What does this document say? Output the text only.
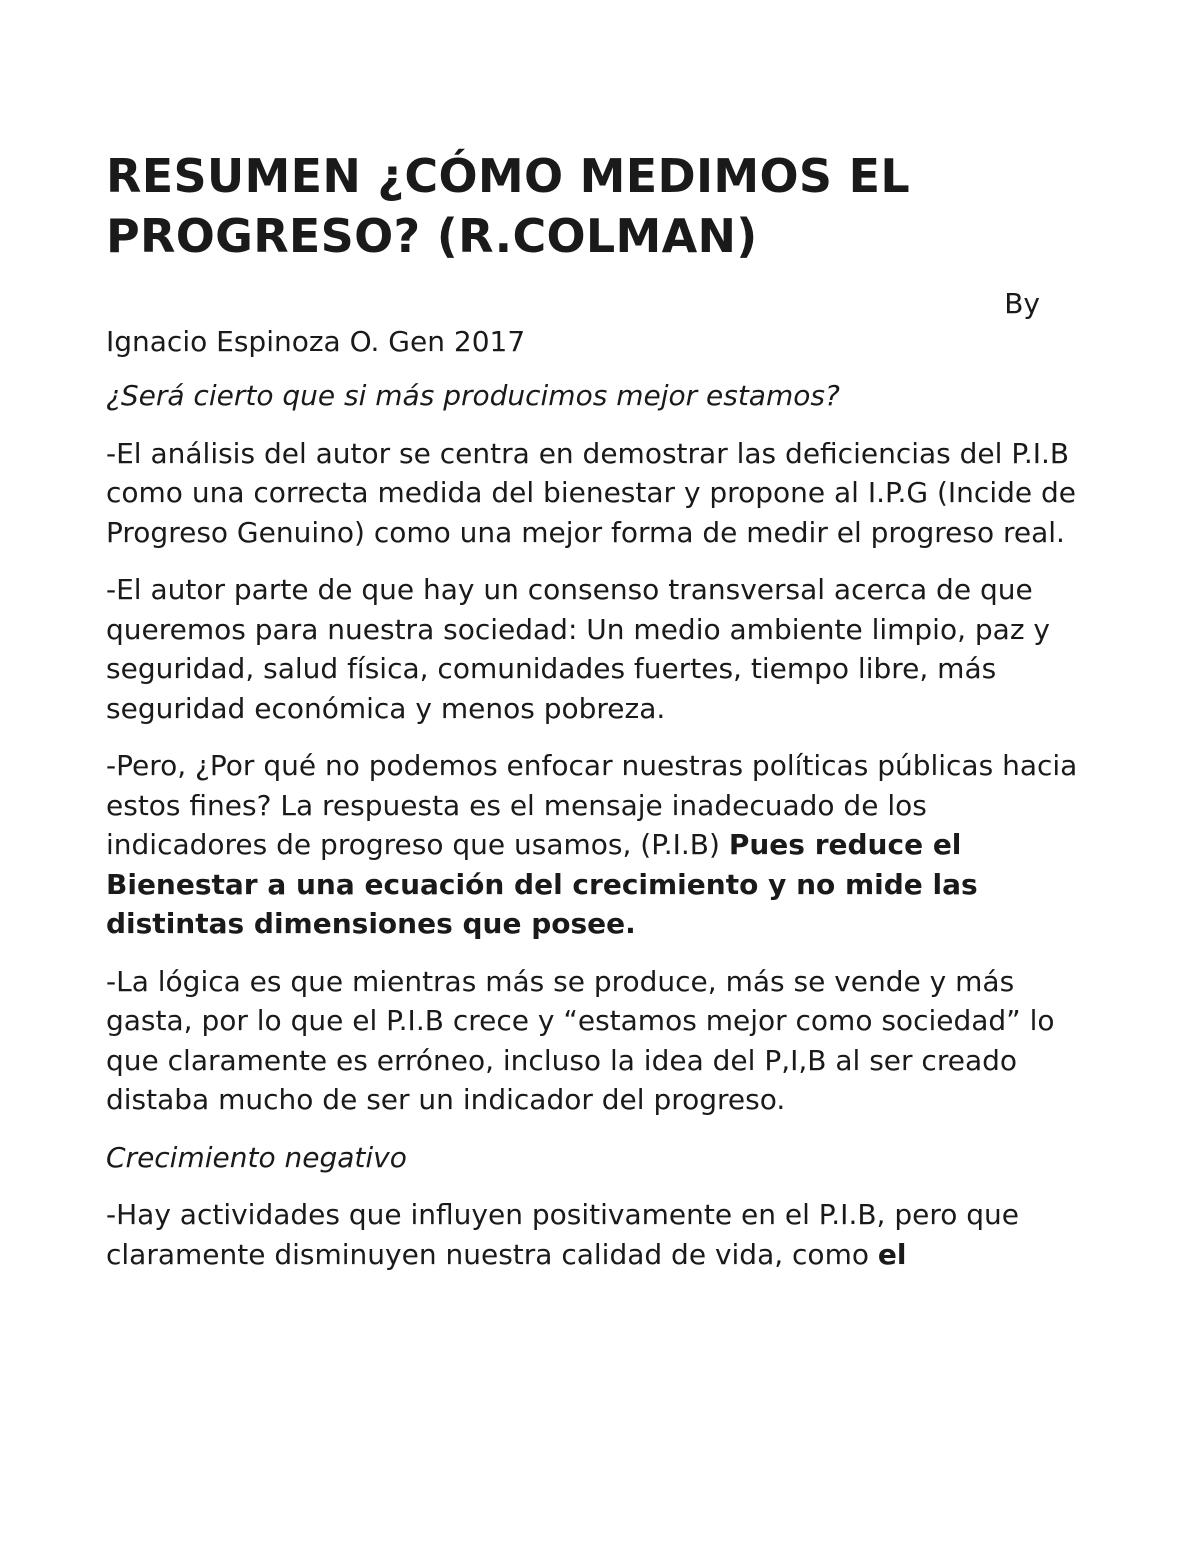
RESUMEN ¿CÓMO MEDIMOS EL PROGRESO? (R.COLMAN)
By
Ignacio Espinoza O. Gen 2017

¿Será cierto que si más producimos mejor estamos?

-El análisis del autor se centra en demostrar las deficiencias del P.I.B como una correcta medida del bienestar y propone al I.P.G (Incide de Progreso Genuino) como una mejor forma de medir el progreso real.

-El autor parte de que hay un consenso transversal acerca de que queremos para nuestra sociedad: Un medio ambiente limpio, paz y seguridad, salud física, comunidades fuertes, tiempo libre, más seguridad económica y menos pobreza.

-Pero, ¿Por qué no podemos enfocar nuestras políticas públicas hacia estos fines? La respuesta es el mensaje inadecuado de los indicadores de progreso que usamos, (P.I.B) Pues reduce el Bienestar a una ecuación del crecimiento y no mide las distintas dimensiones que posee.

-La lógica es que mientras más se produce, más se vende y más gasta, por lo que el P.I.B crece y “estamos mejor como sociedad” lo que claramente es erróneo, incluso la idea del P,I,B al ser creado distaba mucho de ser un indicador del progreso.

Crecimiento negativo

-Hay actividades que influyen positivamente en el P.I.B, pero que claramente disminuyen nuestra calidad de vida, como el
